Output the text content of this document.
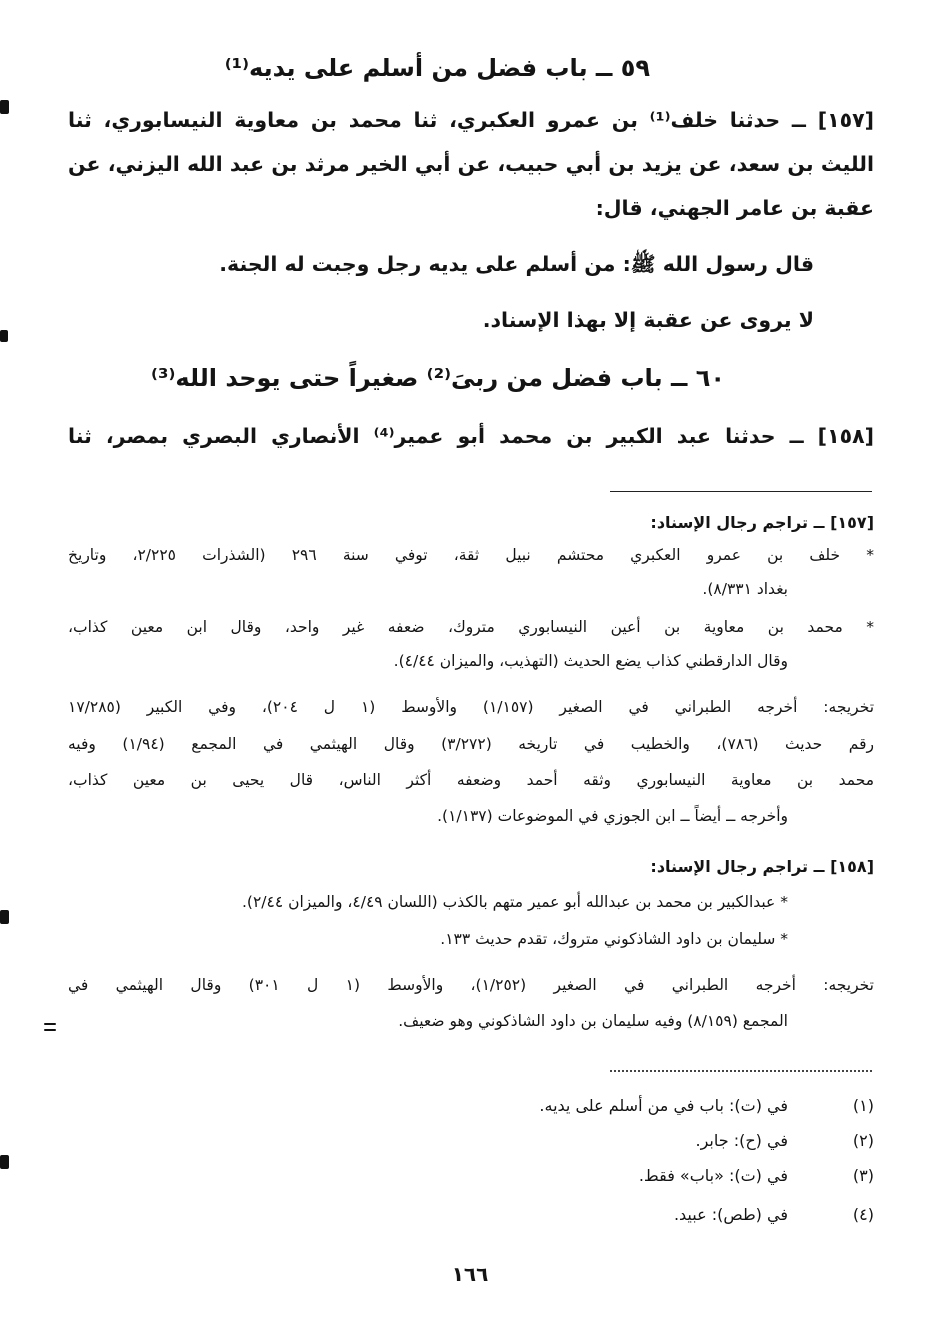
٥٩ ــ باب فضل من أسلم على يديه⁽¹⁾
[١٥٧] ــ حدثنا خلف⁽¹⁾ بن عمرو العكبري، ثنا محمد بن معاوية النيسابوري، ثنا
الليث بن سعد، عن يزيد بن أبي حبيب، عن أبي الخير مرثد بن عبد الله اليزني، عن
عقبة بن عامر الجهني، قال:
قال رسول الله ﷺ: من أسلم على يديه رجل وجبت له الجنة.
لا يروى عن عقبة إلا بهذا الإسناد.
٦٠ ــ باب فضل من ربىَ⁽²⁾ صغيراً حتى يوحد الله⁽³⁾
[١٥٨] ــ حدثنا عبد الكبير بن محمد أبو عمير⁽⁴⁾ الأنصاري البصري بمصر، ثنا
[١٥٧] ــ تراجم رجال الإسناد:
* خلف بن عمرو العكبري محتشم نبيل ثقة، توفي سنة ٢٩٦ (الشذرات ٢/٢٢٥، وتاريخ
بغداد ٨/٣٣١).
* محمد بن معاوية بن أعين النيسابوري متروك، ضعفه غير واحد، وقال ابن معين كذاب،
وقال الدارقطني كذاب يضع الحديث (التهذيب، والميزان ٤/٤٤).
تخريجه: أخرجه الطبراني في الصغير (١/١٥٧) والأوسط (١ ل ٢٠٤)، وفي الكبير (١٧/٢٨٥
رقم حديث (٧٨٦)، والخطيب في تاريخه (٣/٢٧٢) وقال الهيثمي في المجمع (١/٩٤) وفيه
محمد بن معاوية النيسابوري وثقه أحمد وضعفه أكثر الناس، قال يحيى بن معين كذاب،
وأخرجه ــ أيضاً ــ ابن الجوزي في الموضوعات (١/١٣٧).
[١٥٨] ــ تراجم رجال الإسناد:
* عبدالكبير بن محمد بن عبدالله أبو عمير متهم بالكذب (اللسان ٤/٤٩، والميزان ٢/٤٤).
* سليمان بن داود الشاذكوني متروك، تقدم حديث ١٣٣.
تخريجه: أخرجه الطبراني في الصغير (١/٢٥٢)، والأوسط (١ ل ٣٠١) وقال الهيثمي في
المجمع (٨/١٥٩) وفيه سليمان بن داود الشاذكوني وهو ضعيف.
(١)
في (ت): باب في من أسلم على يديه.
(٢)
في (ح): جابر.
(٣)
في (ت): «باب» فقط.
(٤)
في (طص): عبيد.
١٦٦
